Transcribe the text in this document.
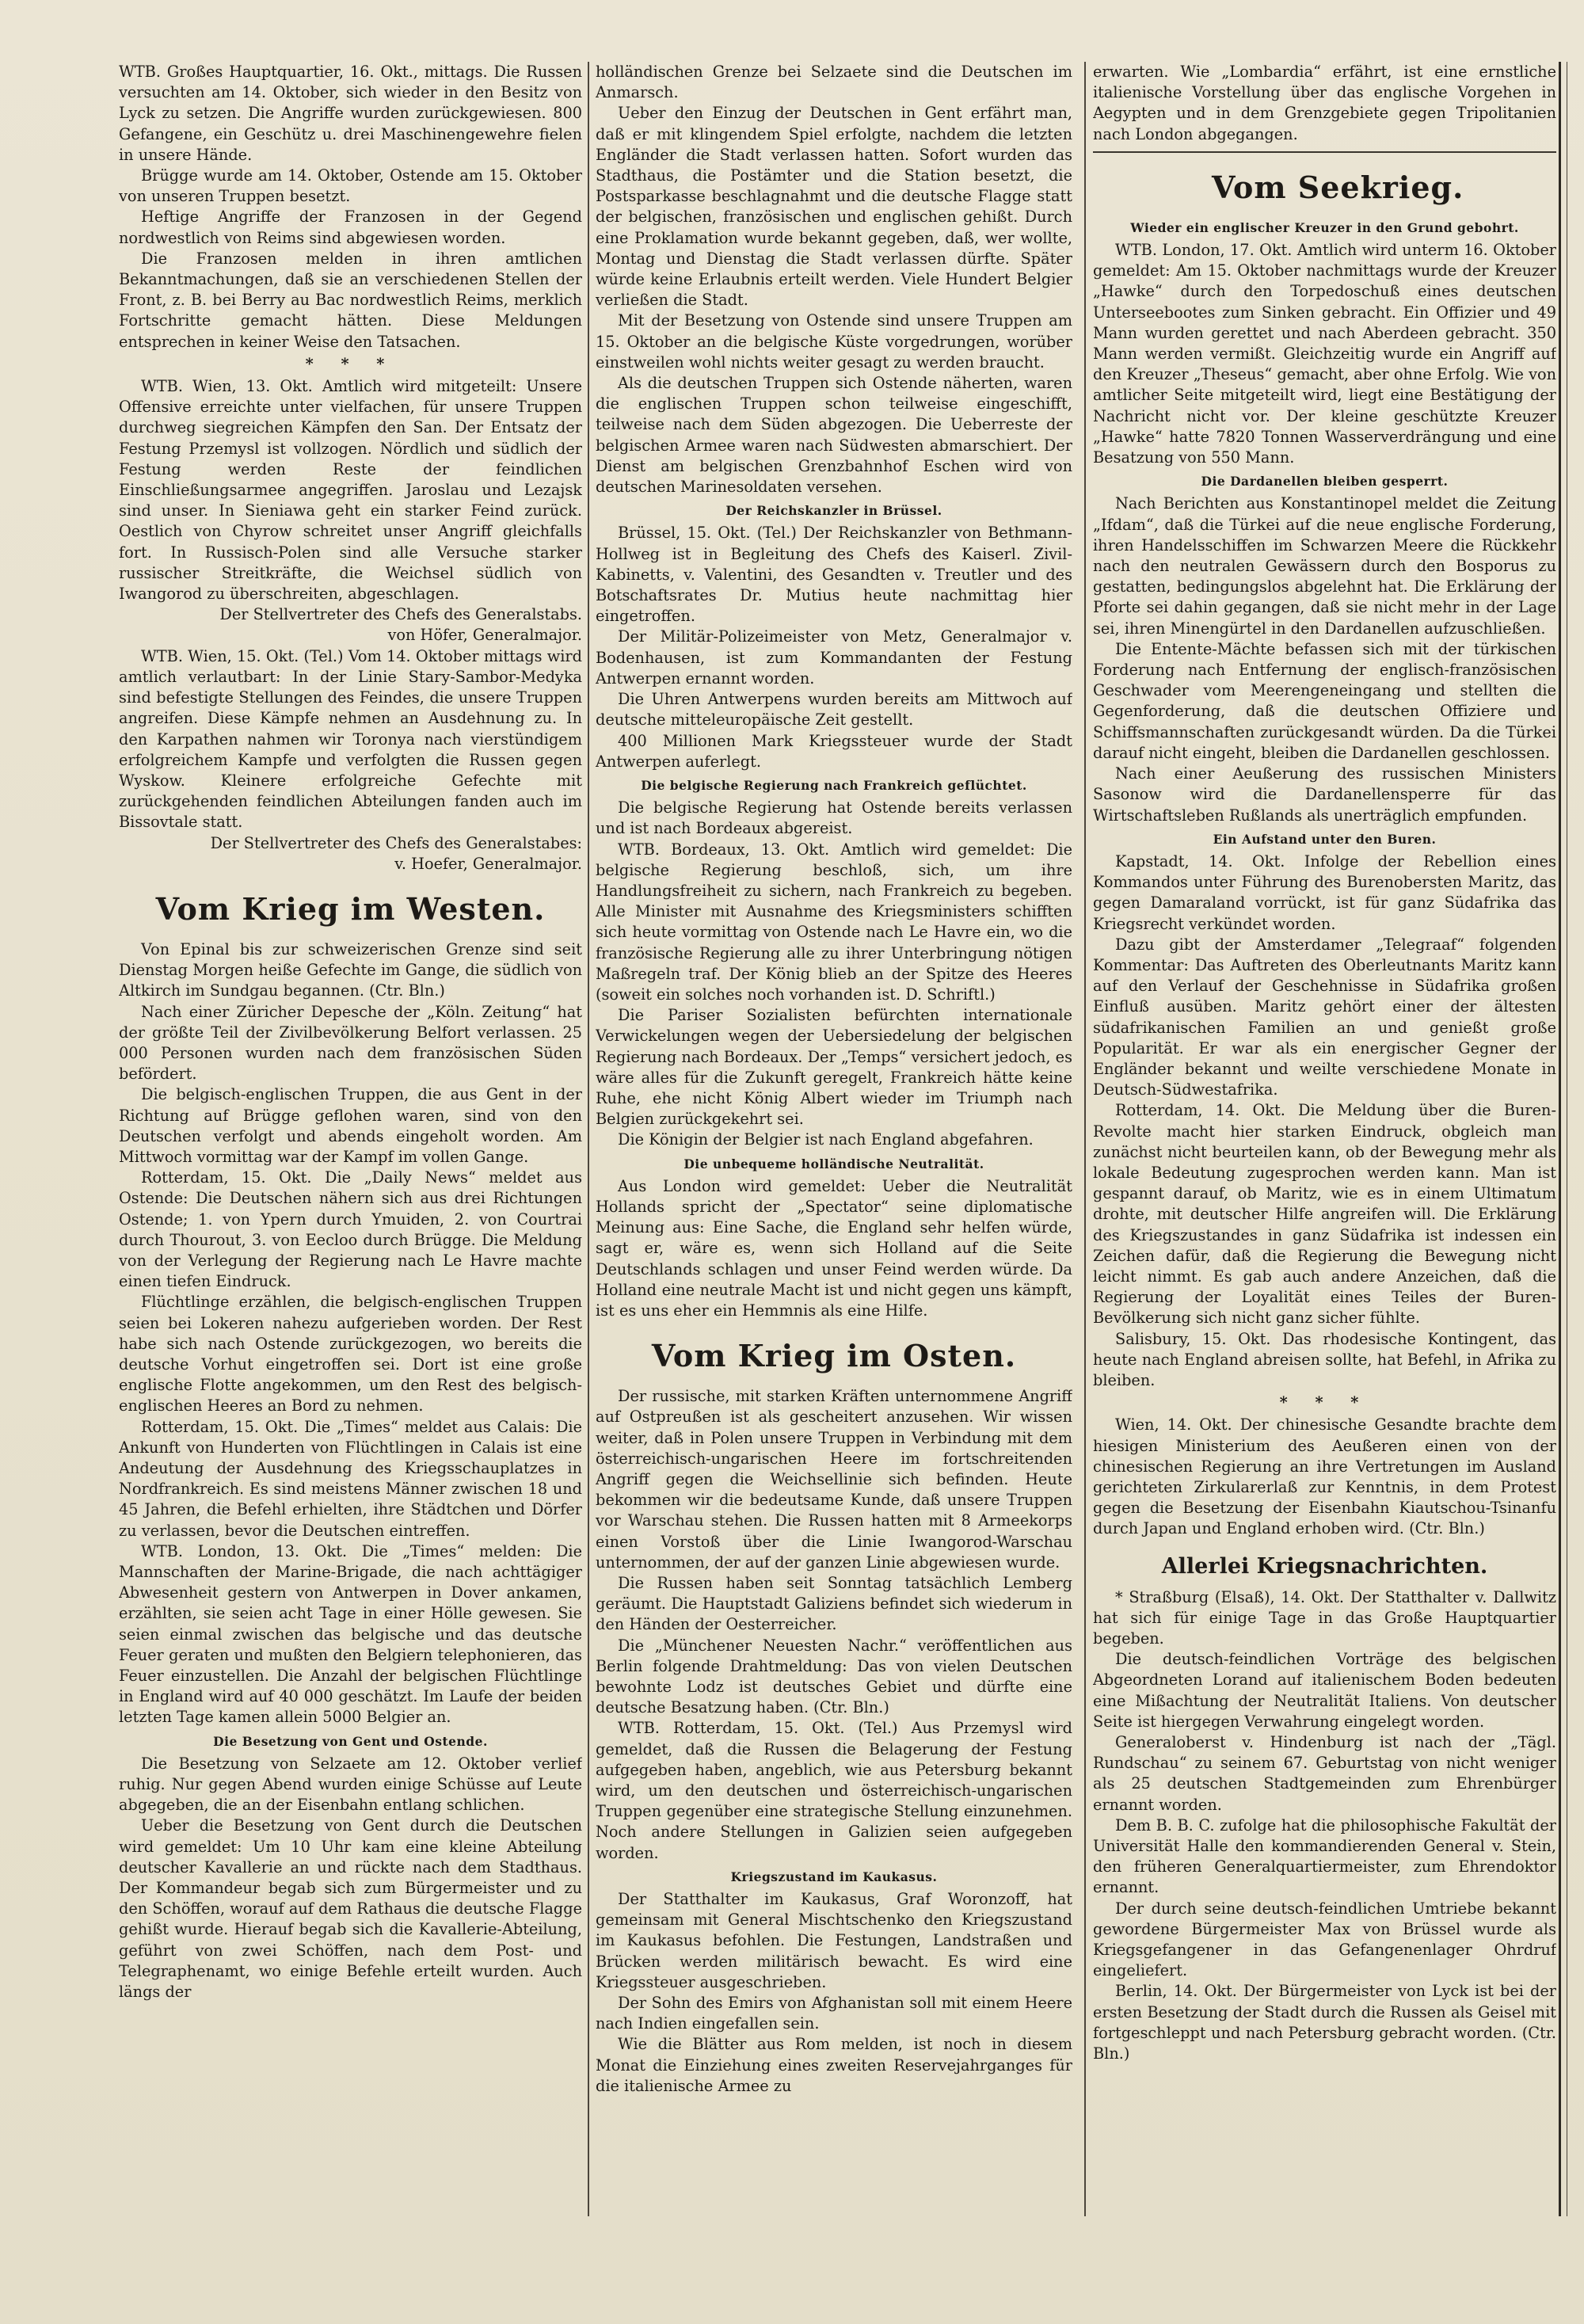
WTB. Großes Hauptquartier, 16. Okt., mittags. Die Russen versuchten am 14. Oktober, sich wieder in den Besitz von Lyck zu setzen. Die Angriffe wurden zurückgewiesen. 800 Gefangene, ein Geschütz u. drei Maschinengewehre fielen in unsere Hände.

Brügge wurde am 14. Oktober, Ostende am 15. Oktober von unseren Truppen besetzt.

Heftige Angriffe der Franzosen in der Gegend nordwestlich von Reims sind abgewiesen worden.

Die Franzosen melden in ihren amtlichen Bekanntmachungen, daß sie an verschiedenen Stellen der Front, z. B. bei Berry au Bac nordwestlich Reims, merklich Fortschritte gemacht hätten. Diese Meldungen entsprechen in keiner Weise den Tatsachen.

* * *

WTB. Wien, 13. Okt. Amtlich wird mitgeteilt: Unsere Offensive erreichte unter vielfachen, für unsere Truppen durchweg siegreichen Kämpfen den San. Der Entsatz der Festung Przemysl ist vollzogen. Nördlich und südlich der Festung werden Reste der feindlichen Einschließungsarmee angegriffen. Jaroslau und Lezajsk sind unser. In Sieniawa geht ein starker Feind zurück. Oestlich von Chyrow schreitet unser Angriff gleichfalls fort. In Russisch-Polen sind alle Versuche starker russischer Streitkräfte, die Weichsel südlich von Iwangorod zu überschreiten, abgeschlagen.

Der Stellvertreter des Chefs des Generalstabs.

von Höfer, Generalmajor.

WTB. Wien, 15. Okt. (Tel.) Vom 14. Oktober mittags wird amtlich verlautbart: In der Linie Stary-Sambor-Medyka sind befestigte Stellungen des Feindes, die unsere Truppen angreifen. Diese Kämpfe nehmen an Ausdehnung zu. In den Karpathen nahmen wir Toronya nach vierstündigem erfolgreichem Kampfe und verfolgten die Russen gegen Wyskow. Kleinere erfolgreiche Gefechte mit zurückgehenden feindlichen Abteilungen fanden auch im Bissovtale statt.

Der Stellvertreter des Chefs des Generalstabes:

v. Hoefer, Generalmajor.

Vom Krieg im Westen.

Von Epinal bis zur schweizerischen Grenze sind seit Dienstag Morgen heiße Gefechte im Gange, die südlich von Altkirch im Sundgau begannen. (Ctr. Bln.)

Nach einer Züricher Depesche der „Köln. Zeitung“ hat der größte Teil der Zivilbevölkerung Belfort verlassen. 25 000 Personen wurden nach dem französischen Süden befördert.

Die belgisch-englischen Truppen, die aus Gent in der Richtung auf Brügge geflohen waren, sind von den Deutschen verfolgt und abends eingeholt worden. Am Mittwoch vormittag war der Kampf im vollen Gange.

Rotterdam, 15. Okt. Die „Daily News“ meldet aus Ostende: Die Deutschen nähern sich aus drei Richtungen Ostende; 1. von Ypern durch Ymuiden, 2. von Courtrai durch Thourout, 3. von Eecloo durch Brügge. Die Meldung von der Verlegung der Regierung nach Le Havre machte einen tiefen Eindruck.

Flüchtlinge erzählen, die belgisch-englischen Truppen seien bei Lokeren nahezu aufgerieben worden. Der Rest habe sich nach Ostende zurückgezogen, wo bereits die deutsche Vorhut eingetroffen sei. Dort ist eine große englische Flotte angekommen, um den Rest des belgisch-englischen Heeres an Bord zu nehmen.

Rotterdam, 15. Okt. Die „Times“ meldet aus Calais: Die Ankunft von Hunderten von Flüchtlingen in Calais ist eine Andeutung der Ausdehnung des Kriegsschauplatzes in Nordfrankreich. Es sind meistens Männer zwischen 18 und 45 Jahren, die Befehl erhielten, ihre Städtchen und Dörfer zu verlassen, bevor die Deutschen eintreffen.

WTB. London, 13. Okt. Die „Times“ melden: Die Mannschaften der Marine-Brigade, die nach achttägiger Abwesenheit gestern von Antwerpen in Dover ankamen, erzählten, sie seien acht Tage in einer Hölle gewesen. Sie seien einmal zwischen das belgische und das deutsche Feuer geraten und mußten den Belgiern telephonieren, das Feuer einzustellen. Die Anzahl der belgischen Flüchtlinge in England wird auf 40 000 geschätzt. Im Laufe der beiden letzten Tage kamen allein 5000 Belgier an.

Die Besetzung von Gent und Ostende.

Die Besetzung von Selzaete am 12. Oktober verlief ruhig. Nur gegen Abend wurden einige Schüsse auf Leute abgegeben, die an der Eisenbahn entlang schlichen.

Ueber die Besetzung von Gent durch die Deutschen wird gemeldet: Um 10 Uhr kam eine kleine Abteilung deutscher Kavallerie an und rückte nach dem Stadthaus. Der Kommandeur begab sich zum Bürgermeister und zu den Schöffen, worauf auf dem Rathaus die deutsche Flagge gehißt wurde. Hierauf begab sich die Kavallerie-Abteilung, geführt von zwei Schöffen, nach dem Post- und Telegraphenamt, wo einige Befehle erteilt wurden. Auch längs der

holländischen Grenze bei Selzaete sind die Deutschen im Anmarsch.

Ueber den Einzug der Deutschen in Gent erfährt man, daß er mit klingendem Spiel erfolgte, nachdem die letzten Engländer die Stadt verlassen hatten. Sofort wurden das Stadthaus, die Postämter und die Station besetzt, die Postsparkasse beschlagnahmt und die deutsche Flagge statt der belgischen, französischen und englischen gehißt. Durch eine Proklamation wurde bekannt gegeben, daß, wer wollte, Montag und Dienstag die Stadt verlassen dürfte. Später würde keine Erlaubnis erteilt werden. Viele Hundert Belgier verließen die Stadt.

Mit der Besetzung von Ostende sind unsere Truppen am 15. Oktober an die belgische Küste vorgedrungen, worüber einstweilen wohl nichts weiter gesagt zu werden braucht.

Als die deutschen Truppen sich Ostende näherten, waren die englischen Truppen schon teilweise eingeschifft, teilweise nach dem Süden abgezogen. Die Ueberreste der belgischen Armee waren nach Südwesten abmarschiert. Der Dienst am belgischen Grenzbahnhof Eschen wird von deutschen Marinesoldaten versehen.

Der Reichskanzler in Brüssel.

Brüssel, 15. Okt. (Tel.) Der Reichskanzler von Bethmann-Hollweg ist in Begleitung des Chefs des Kaiserl. Zivil-Kabinetts, v. Valentini, des Gesandten v. Treutler und des Botschaftsrates Dr. Mutius heute nachmittag hier eingetroffen.

Der Militär-Polizeimeister von Metz, Generalmajor v. Bodenhausen, ist zum Kommandanten der Festung Antwerpen ernannt worden.

Die Uhren Antwerpens wurden bereits am Mittwoch auf deutsche mitteleuropäische Zeit gestellt.

400 Millionen Mark Kriegssteuer wurde der Stadt Antwerpen auferlegt.

Die belgische Regierung nach Frankreich geflüchtet.

Die belgische Regierung hat Ostende bereits verlassen und ist nach Bordeaux abgereist.

WTB. Bordeaux, 13. Okt. Amtlich wird gemeldet: Die belgische Regierung beschloß, sich, um ihre Handlungsfreiheit zu sichern, nach Frankreich zu begeben. Alle Minister mit Ausnahme des Kriegsministers schifften sich heute vormittag von Ostende nach Le Havre ein, wo die französische Regierung alle zu ihrer Unterbringung nötigen Maßregeln traf. Der König blieb an der Spitze des Heeres (soweit ein solches noch vorhanden ist. D. Schriftl.)

Die Pariser Sozialisten befürchten internationale Verwickelungen wegen der Uebersiedelung der belgischen Regierung nach Bordeaux. Der „Temps“ versichert jedoch, es wäre alles für die Zukunft geregelt, Frankreich hätte keine Ruhe, ehe nicht König Albert wieder im Triumph nach Belgien zurückgekehrt sei.

Die Königin der Belgier ist nach England abgefahren.

Die unbequeme holländische Neutralität.

Aus London wird gemeldet: Ueber die Neutralität Hollands spricht der „Spectator“ seine diplomatische Meinung aus: Eine Sache, die England sehr helfen würde, sagt er, wäre es, wenn sich Holland auf die Seite Deutschlands schlagen und unser Feind werden würde. Da Holland eine neutrale Macht ist und nicht gegen uns kämpft, ist es uns eher ein Hemmnis als eine Hilfe.

Vom Krieg im Osten.

Der russische, mit starken Kräften unternommene Angriff auf Ostpreußen ist als gescheitert anzusehen. Wir wissen weiter, daß in Polen unsere Truppen in Verbindung mit dem österreichisch-ungarischen Heere im fortschreitenden Angriff gegen die Weichsellinie sich befinden. Heute bekommen wir die bedeutsame Kunde, daß unsere Truppen vor Warschau stehen. Die Russen hatten mit 8 Armeekorps einen Vorstoß über die Linie Iwangorod-Warschau unternommen, der auf der ganzen Linie abgewiesen wurde.

Die Russen haben seit Sonntag tatsächlich Lemberg geräumt. Die Hauptstadt Galiziens befindet sich wiederum in den Händen der Oesterreicher.

Die „Münchener Neuesten Nachr.“ veröffentlichen aus Berlin folgende Drahtmeldung: Das von vielen Deutschen bewohnte Lodz ist deutsches Gebiet und dürfte eine deutsche Besatzung haben. (Ctr. Bln.)

WTB. Rotterdam, 15. Okt. (Tel.) Aus Przemysl wird gemeldet, daß die Russen die Belagerung der Festung aufgegeben haben, angeblich, wie aus Petersburg bekannt wird, um den deutschen und österreichisch-ungarischen Truppen gegenüber eine strategische Stellung einzunehmen. Noch andere Stellungen in Galizien seien aufgegeben worden.

Kriegszustand im Kaukasus.

Der Statthalter im Kaukasus, Graf Woronzoff, hat gemeinsam mit General Mischtschenko den Kriegszustand im Kaukasus befohlen. Die Festungen, Landstraßen und Brücken werden militärisch bewacht. Es wird eine Kriegssteuer ausgeschrieben.

Der Sohn des Emirs von Afghanistan soll mit einem Heere nach Indien eingefallen sein.

Wie die Blätter aus Rom melden, ist noch in diesem Monat die Einziehung eines zweiten Reservejahrganges für die italienische Armee zu

erwarten. Wie „Lombardia“ erfährt, ist eine ernstliche italienische Vorstellung über das englische Vorgehen in Aegypten und in dem Grenzgebiete gegen Tripolitanien nach London abgegangen.

Vom Seekrieg.
Wieder ein englischer Kreuzer in den Grund gebohrt.

WTB. London, 17. Okt. Amtlich wird unterm 16. Oktober gemeldet: Am 15. Oktober nachmittags wurde der Kreuzer „Hawke“ durch den Torpedoschuß eines deutschen Unterseebootes zum Sinken gebracht. Ein Offizier und 49 Mann wurden gerettet und nach Aberdeen gebracht. 350 Mann werden vermißt. Gleichzeitig wurde ein Angriff auf den Kreuzer „Theseus“ gemacht, aber ohne Erfolg. Wie von amtlicher Seite mitgeteilt wird, liegt eine Bestätigung der Nachricht nicht vor. Der kleine geschützte Kreuzer „Hawke“ hatte 7820 Tonnen Wasserverdrängung und eine Besatzung von 550 Mann.

Die Dardanellen bleiben gesperrt.

Nach Berichten aus Konstantinopel meldet die Zeitung „Ifdam“, daß die Türkei auf die neue englische Forderung, ihren Handelsschiffen im Schwarzen Meere die Rückkehr nach den neutralen Gewässern durch den Bosporus zu gestatten, bedingungslos abgelehnt hat. Die Erklärung der Pforte sei dahin gegangen, daß sie nicht mehr in der Lage sei, ihren Minengürtel in den Dardanellen aufzuschließen.

Die Entente-Mächte befassen sich mit der türkischen Forderung nach Entfernung der englisch-französischen Geschwader vom Meerengeneingang und stellten die Gegenforderung, daß die deutschen Offiziere und Schiffsmannschaften zurückgesandt würden. Da die Türkei darauf nicht eingeht, bleiben die Dardanellen geschlossen.

Nach einer Aeußerung des russischen Ministers Sasonow wird die Dardanellensperre für das Wirtschaftsleben Rußlands als unerträglich empfunden.

Ein Aufstand unter den Buren.

Kapstadt, 14. Okt. Infolge der Rebellion eines Kommandos unter Führung des Burenobersten Maritz, das gegen Damaraland vorrückt, ist für ganz Südafrika das Kriegsrecht verkündet worden.

Dazu gibt der Amsterdamer „Telegraaf“ folgenden Kommentar: Das Auftreten des Oberleutnants Maritz kann auf den Verlauf der Geschehnisse in Südafrika großen Einfluß ausüben. Maritz gehört einer der ältesten südafrikanischen Familien an und genießt große Popularität. Er war als ein energischer Gegner der Engländer bekannt und weilte verschiedene Monate in Deutsch-Südwestafrika.

Rotterdam, 14. Okt. Die Meldung über die Buren-Revolte macht hier starken Eindruck, obgleich man zunächst nicht beurteilen kann, ob der Bewegung mehr als lokale Bedeutung zugesprochen werden kann. Man ist gespannt darauf, ob Maritz, wie es in einem Ultimatum drohte, mit deutscher Hilfe angreifen will. Die Erklärung des Kriegszustandes in ganz Südafrika ist indessen ein Zeichen dafür, daß die Regierung die Bewegung nicht leicht nimmt. Es gab auch andere Anzeichen, daß die Regierung der Loyalität eines Teiles der Buren-Bevölkerung sich nicht ganz sicher fühlte.

Salisbury, 15. Okt. Das rhodesische Kontingent, das heute nach England abreisen sollte, hat Befehl, in Afrika zu bleiben.

* * *

Wien, 14. Okt. Der chinesische Gesandte brachte dem hiesigen Ministerium des Aeußeren einen von der chinesischen Regierung an ihre Vertretungen im Ausland gerichteten Zirkularerlaß zur Kenntnis, in dem Protest gegen die Besetzung der Eisenbahn Kiautschou-Tsinanfu durch Japan und England erhoben wird. (Ctr. Bln.)

Allerlei Kriegsnachrichten.

* Straßburg (Elsaß), 14. Okt. Der Statthalter v. Dallwitz hat sich für einige Tage in das Große Hauptquartier begeben.

Die deutsch-feindlichen Vorträge des belgischen Abgeordneten Lorand auf italienischem Boden bedeuten eine Mißachtung der Neutralität Italiens. Von deutscher Seite ist hiergegen Verwahrung eingelegt worden.

Generaloberst v. Hindenburg ist nach der „Tägl. Rundschau“ zu seinem 67. Geburtstag von nicht weniger als 25 deutschen Stadtgemeinden zum Ehrenbürger ernannt worden.

Dem B. B. C. zufolge hat die philosophische Fakultät der Universität Halle den kommandierenden General v. Stein, den früheren Generalquartiermeister, zum Ehrendoktor ernannt.

Der durch seine deutsch-feindlichen Umtriebe bekannt gewordene Bürgermeister Max von Brüssel wurde als Kriegsgefangener in das Gefangenenlager Ohrdruf eingeliefert.

Berlin, 14. Okt. Der Bürgermeister von Lyck ist bei der ersten Besetzung der Stadt durch die Russen als Geisel mit fortgeschleppt und nach Petersburg gebracht worden. (Ctr. Bln.)
